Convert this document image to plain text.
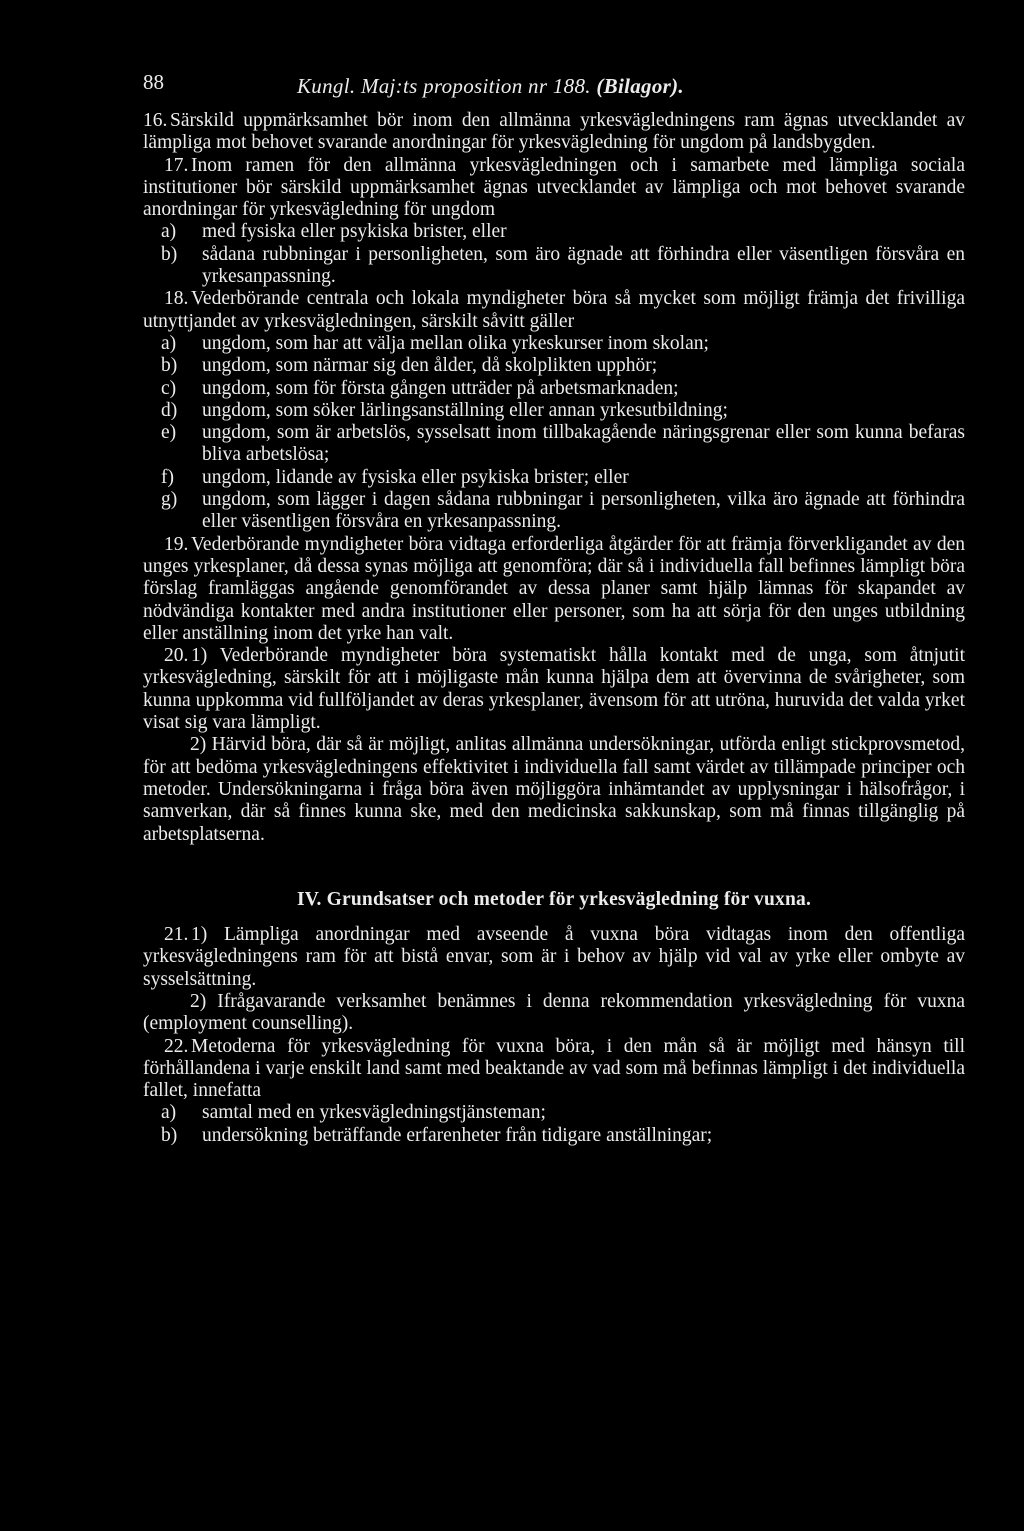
88	Kungl. Maj:ts proposition nr 188. (Bilagor).

16. Särskild uppmärksamhet bör inom den allmänna yrkesvägledningens ram ägnas utvecklandet av lämpliga mot behovet svarande anordningar för yrkesvägledning för ungdom på landsbygden.

17. Inom ramen för den allmänna yrkesvägledningen och i samarbete med lämpliga sociala institutioner bör särskild uppmärksamhet ägnas utvecklandet av lämpliga och mot behovet svarande anordningar för yrkesvägledning för ungdom

a)	med fysiska eller psykiska brister, eller
b)	sådana rubbningar i personligheten, som äro ägnade att förhindra eller väsentligen försvåra en yrkesanpassning.

18. Vederbörande centrala och lokala myndigheter böra så mycket som möjligt främja det frivilliga utnyttjandet av yrkesvägledningen, särskilt såvitt gäller

a)	ungdom, som har att välja mellan olika yrkeskurser inom skolan;
b)	ungdom, som närmar sig den ålder, då skolplikten upphör;
c)	ungdom, som för första gången utträder på arbetsmarknaden;
d)	ungdom, som söker lärlingsanställning eller annan yrkesutbildning;
e)	ungdom, som är arbetslös, sysselsatt inom tillbakagående näringsgrenar eller som kunna befaras bliva arbetslösa;
f)	ungdom, lidande av fysiska eller psykiska brister; eller
g)	ungdom, som lägger i dagen sådana rubbningar i personligheten, vilka äro ägnade att förhindra eller väsentligen försvåra en yrkesanpassning.

19. Vederbörande myndigheter böra vidtaga erforderliga åtgärder för att främja förverkligandet av den unges yrkesplaner, då dessa synas möjliga att genomföra; där så i individuella fall befinnes lämpligt böra förslag framläggas angående genomförandet av dessa planer samt hjälp lämnas för skapandet av nödvändiga kontakter med andra institutioner eller personer, som ha att sörja för den unges utbildning eller anställning inom det yrke han valt.

20. 1) Vederbörande myndigheter böra systematiskt hålla kontakt med de unga, som åtnjutit yrkesvägledning, särskilt för att i möjligaste mån kunna hjälpa dem att övervinna de svårigheter, som kunna uppkomma vid fullföljandet av deras yrkesplaner, ävensom för att utröna, huruvida det valda yrket visat sig vara lämpligt.

2) Härvid böra, där så är möjligt, anlitas allmänna undersökningar, utförda enligt stickprovsmetod, för att bedöma yrkesvägledningens effektivitet i individuella fall samt värdet av tillämpade principer och metoder. Undersökningarna i fråga böra även möjliggöra inhämtandet av upplysningar i hälsofrågor, i samverkan, där så finnes kunna ske, med den medicinska sakkunskap, som må finnas tillgänglig på arbetsplatserna.

IV. Grundsatser och metoder för yrkesvägledning för vuxna.

21. 1) Lämpliga anordningar med avseende å vuxna böra vidtagas inom den offentliga yrkesvägledningens ram för att bistå envar, som är i behov av hjälp vid val av yrke eller ombyte av sysselsättning.

2) Ifrågavarande verksamhet benämnes i denna rekommendation yrkesvägledning för vuxna (employment counselling).

22. Metoderna för yrkesvägledning för vuxna böra, i den mån så är möjligt med hänsyn till förhållandena i varje enskilt land samt med beaktande av vad som må befinnas lämpligt i det individuella fallet, innefatta

a)	samtal med en yrkesvägledningstjänsteman;
b)	undersökning beträffande erfarenheter från tidigare anställningar;
